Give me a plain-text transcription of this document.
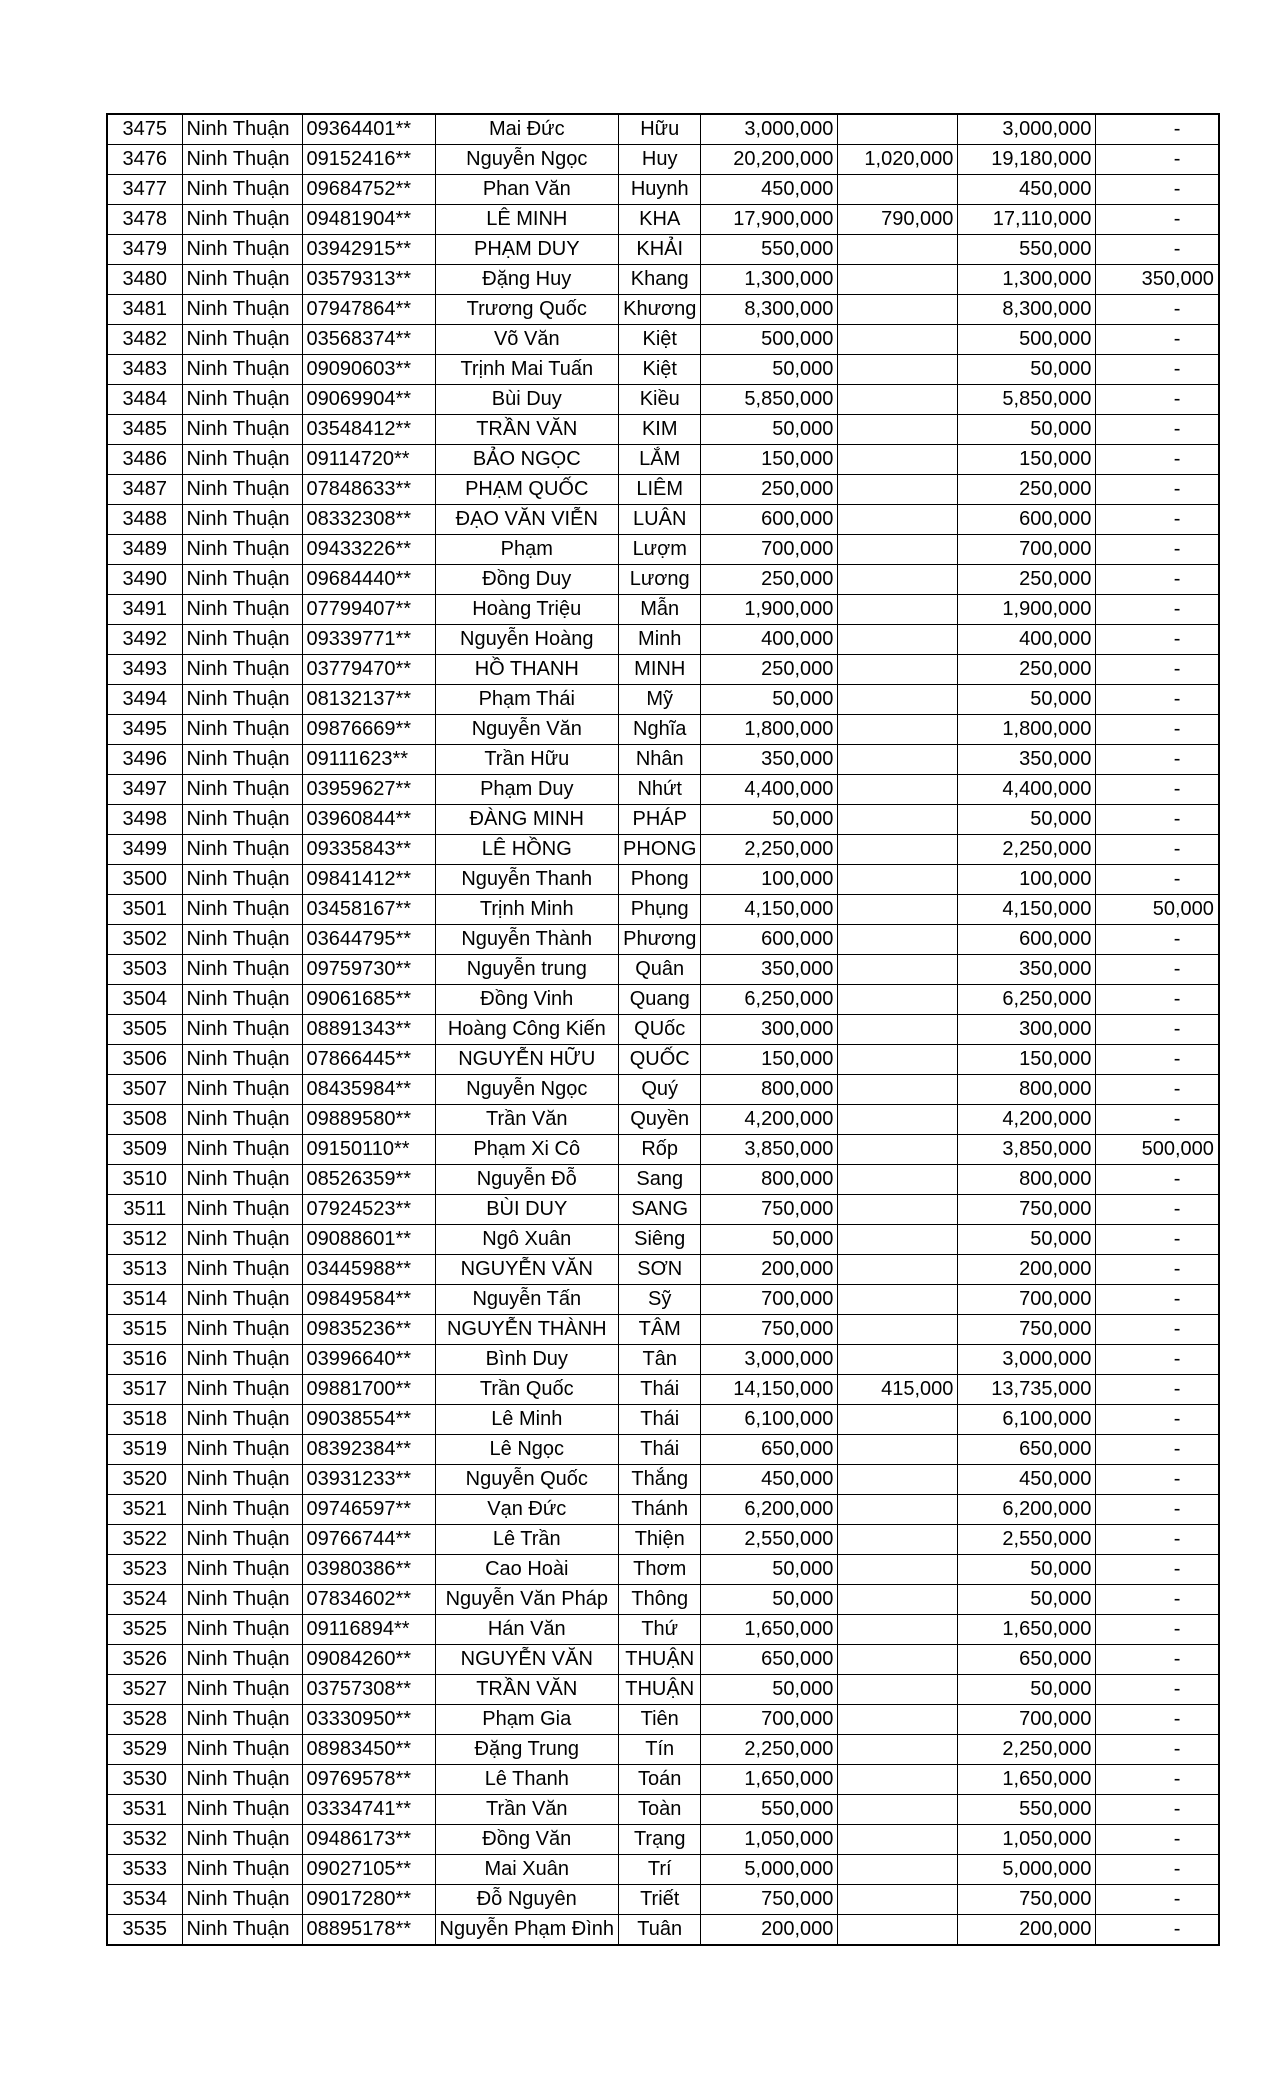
3475	Ninh Thuận	09364401**	Mai Đức	Hữu	3,000,000		3,000,000	-
3476	Ninh Thuận	09152416**	Nguyễn Ngọc	Huy	20,200,000	1,020,000	19,180,000	-
3477	Ninh Thuận	09684752**	Phan Văn	Huynh	450,000		450,000	-
3478	Ninh Thuận	09481904**	LÊ MINH	KHA	17,900,000	790,000	17,110,000	-
3479	Ninh Thuận	03942915**	PHẠM DUY	KHẢI	550,000		550,000	-
3480	Ninh Thuận	03579313**	Đặng Huy	Khang	1,300,000		1,300,000	350,000
3481	Ninh Thuận	07947864**	Trương Quốc	Khương	8,300,000		8,300,000	-
3482	Ninh Thuận	03568374**	Võ Văn	Kiệt	500,000		500,000	-
3483	Ninh Thuận	09090603**	Trịnh Mai Tuấn	Kiệt	50,000		50,000	-
3484	Ninh Thuận	09069904**	Bùi Duy	Kiều	5,850,000		5,850,000	-
3485	Ninh Thuận	03548412**	TRẦN VĂN	KIM	50,000		50,000	-
3486	Ninh Thuận	09114720**	BẢO NGỌC	LẮM	150,000		150,000	-
3487	Ninh Thuận	07848633**	PHẠM QUỐC	LIÊM	250,000		250,000	-
3488	Ninh Thuận	08332308**	ĐẠO VĂN VIỄN	LUÂN	600,000		600,000	-
3489	Ninh Thuận	09433226**	Phạm	Lượm	700,000		700,000	-
3490	Ninh Thuận	09684440**	Đồng Duy	Lương	250,000		250,000	-
3491	Ninh Thuận	07799407**	Hoàng Triệu	Mẫn	1,900,000		1,900,000	-
3492	Ninh Thuận	09339771**	Nguyễn Hoàng	Minh	400,000		400,000	-
3493	Ninh Thuận	03779470**	HỒ THANH	MINH	250,000		250,000	-
3494	Ninh Thuận	08132137**	Phạm Thái	Mỹ	50,000		50,000	-
3495	Ninh Thuận	09876669**	Nguyễn Văn	Nghĩa	1,800,000		1,800,000	-
3496	Ninh Thuận	09111623**	Trần Hữu	Nhân	350,000		350,000	-
3497	Ninh Thuận	03959627**	Phạm Duy	Nhứt	4,400,000		4,400,000	-
3498	Ninh Thuận	03960844**	ĐÀNG MINH	PHÁP	50,000		50,000	-
3499	Ninh Thuận	09335843**	LÊ HỒNG	PHONG	2,250,000		2,250,000	-
3500	Ninh Thuận	09841412**	Nguyễn Thanh	Phong	100,000		100,000	-
3501	Ninh Thuận	03458167**	Trịnh Minh	Phụng	4,150,000		4,150,000	50,000
3502	Ninh Thuận	03644795**	Nguyễn Thành	Phương	600,000		600,000	-
3503	Ninh Thuận	09759730**	Nguyễn trung	Quân	350,000		350,000	-
3504	Ninh Thuận	09061685**	Đồng Vinh	Quang	6,250,000		6,250,000	-
3505	Ninh Thuận	08891343**	Hoàng Công Kiến	QUốc	300,000		300,000	-
3506	Ninh Thuận	07866445**	NGUYỄN HỮU	QUỐC	150,000		150,000	-
3507	Ninh Thuận	08435984**	Nguyễn Ngọc	Quý	800,000		800,000	-
3508	Ninh Thuận	09889580**	Trần Văn	Quyền	4,200,000		4,200,000	-
3509	Ninh Thuận	09150110**	Phạm Xi Cô	Rốp	3,850,000		3,850,000	500,000
3510	Ninh Thuận	08526359**	Nguyễn Đỗ	Sang	800,000		800,000	-
3511	Ninh Thuận	07924523**	BÙI DUY	SANG	750,000		750,000	-
3512	Ninh Thuận	09088601**	Ngô Xuân	Siêng	50,000		50,000	-
3513	Ninh Thuận	03445988**	NGUYỄN VĂN	SƠN	200,000		200,000	-
3514	Ninh Thuận	09849584**	Nguyễn Tấn	Sỹ	700,000		700,000	-
3515	Ninh Thuận	09835236**	NGUYỄN THÀNH	TÂM	750,000		750,000	-
3516	Ninh Thuận	03996640**	Bình Duy	Tân	3,000,000		3,000,000	-
3517	Ninh Thuận	09881700**	Trần Quốc	Thái	14,150,000	415,000	13,735,000	-
3518	Ninh Thuận	09038554**	Lê Minh	Thái	6,100,000		6,100,000	-
3519	Ninh Thuận	08392384**	Lê Ngọc	Thái	650,000		650,000	-
3520	Ninh Thuận	03931233**	Nguyễn Quốc	Thắng	450,000		450,000	-
3521	Ninh Thuận	09746597**	Vạn Đức	Thánh	6,200,000		6,200,000	-
3522	Ninh Thuận	09766744**	Lê Trần	Thiện	2,550,000		2,550,000	-
3523	Ninh Thuận	03980386**	Cao Hoài	Thơm	50,000		50,000	-
3524	Ninh Thuận	07834602**	Nguyễn Văn Pháp	Thông	50,000		50,000	-
3525	Ninh Thuận	09116894**	Hán Văn	Thứ	1,650,000		1,650,000	-
3526	Ninh Thuận	09084260**	NGUYỄN VĂN	THUẬN	650,000		650,000	-
3527	Ninh Thuận	03757308**	TRẦN VĂN	THUẬN	50,000		50,000	-
3528	Ninh Thuận	03330950**	Phạm Gia	Tiên	700,000		700,000	-
3529	Ninh Thuận	08983450**	Đặng Trung	Tín	2,250,000		2,250,000	-
3530	Ninh Thuận	09769578**	Lê Thanh	Toán	1,650,000		1,650,000	-
3531	Ninh Thuận	03334741**	Trần Văn	Toàn	550,000		550,000	-
3532	Ninh Thuận	09486173**	Đồng Văn	Trạng	1,050,000		1,050,000	-
3533	Ninh Thuận	09027105**	Mai Xuân	Trí	5,000,000		5,000,000	-
3534	Ninh Thuận	09017280**	Đỗ Nguyên	Triết	750,000		750,000	-
3535	Ninh Thuận	08895178**	Nguyễn Phạm Đình	Tuân	200,000		200,000	-
